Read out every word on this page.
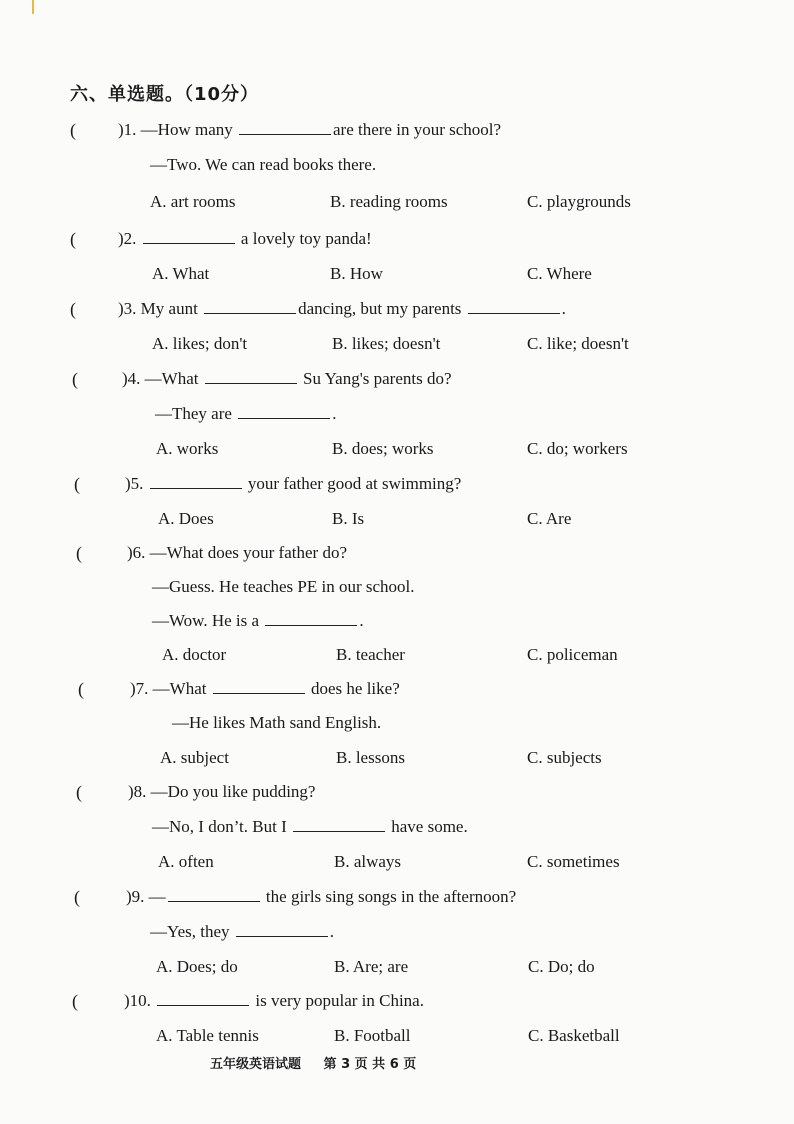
六、单选题。（10分）
( )1. —How many	are there in your school?
—Two. We can read books there.
A. art rooms	B. reading rooms	C. playgrounds
( )2.	a lovely toy panda!
A. What	B. How	C. Where
( )3. My aunt	dancing, but my parents	.
A. likes; don't	B. likes; doesn't	C. like; doesn't
(	)4. —What	Su Yang's parents do?
—They are	.
A. works	B. does; works	C. do; workers
(	)5.	your father good at swimming?
A. Does	B. Is	C. Are
(	)6. —What does your father do?
—Guess. He teaches PE in our school.
—Wow. He is a	.
A. doctor	B. teacher	C. policeman
(	)7. —What	does he like?
—He likes Math sand English.
A. subject	B. lessons	C. subjects
(	)8. —Do you like pudding?
—No, I don’t. But I	have some.
A. often	B. always	C. sometimes
(	)9. —	the girls sing songs in the afternoon?
—Yes, they	.
A. Does; do	B. Are; are	C. Do; do
(	)10.	is very popular in China.
A. Table tennis	B. Football	C. Basketball
五年级英语试题 第 3 页 共 6 页
